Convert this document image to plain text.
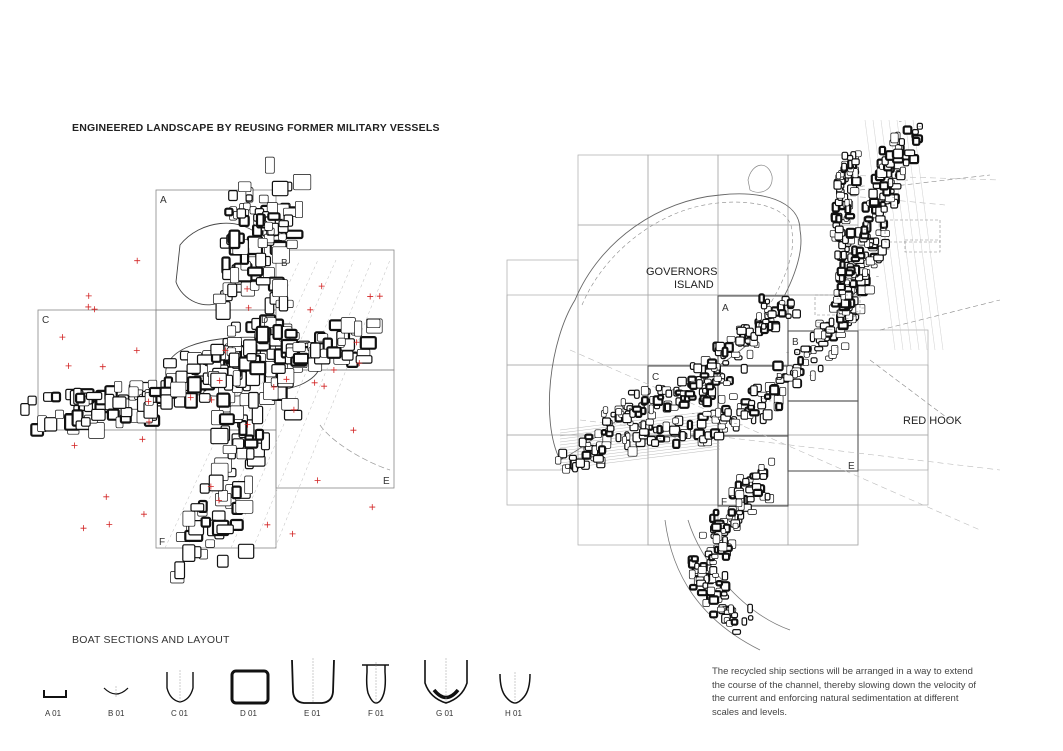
ENGINEERED LANDSCAPE BY REUSING FORMER MILITARY VESSELS
A
B
C	D
E
F
A
B
C	D
E
F
GOVERNORS
ISLAND
RED HOOK
A 01	B 01	C 01	D 01	E 01	F 01	G 01	H 01
BOAT SECTIONS AND LAYOUT
The recycled ship sections will be arranged in a way to extend the course of the channel, thereby slowing down the velocity of the current and enforcing natural sedimentation at different scales and levels.
